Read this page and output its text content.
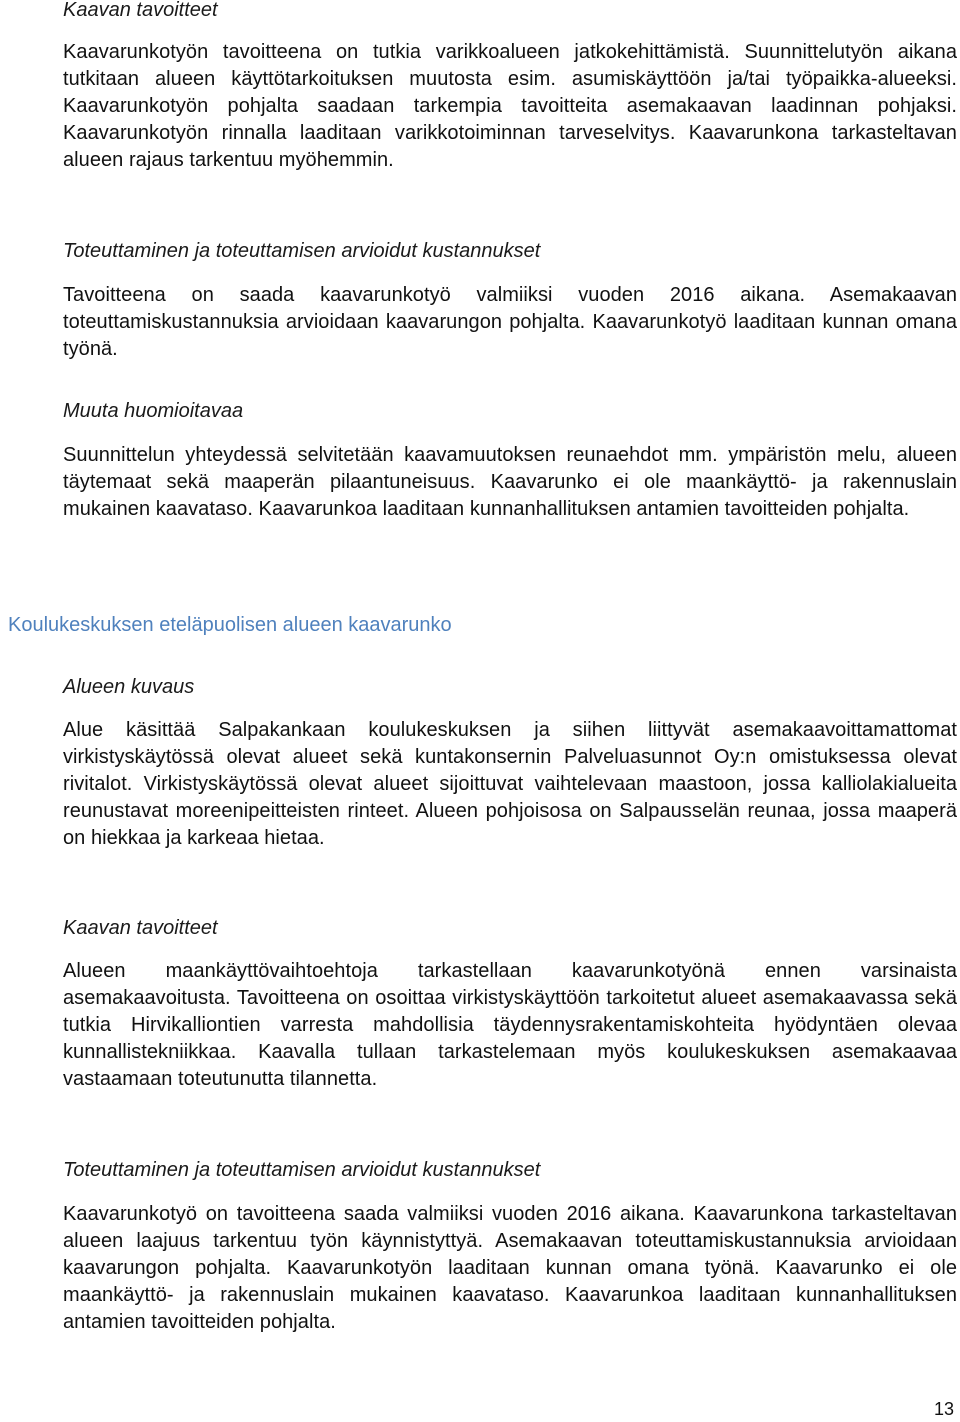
Kaavan tavoitteet

Kaavarunkotyön tavoitteena on tutkia varikkoalueen jatkokehittämistä. Suunnittelutyön aikana tutkitaan alueen käyttötarkoituksen muutosta esim. asumiskäyttöön ja/tai työpaikka-alueeksi. Kaavarunkotyön pohjalta saadaan tarkempia tavoitteita asemakaavan laadinnan pohjaksi. Kaavarunkotyön rinnalla laaditaan varikkotoiminnan tarveselvitys. Kaavarunkona tarkasteltavan alueen rajaus tarkentuu myöhemmin.

Toteuttaminen ja toteuttamisen arvioidut kustannukset

Tavoitteena on saada kaavarunkotyö valmiiksi vuoden 2016 aikana. Asemakaavan toteuttamiskustannuksia arvioidaan kaavarungon pohjalta. Kaavarunkotyö laaditaan kunnan omana työnä.

Muuta huomioitavaa

Suunnittelun yhteydessä selvitetään kaavamuutoksen reunaehdot mm. ympäristön melu, alueen täytemaat sekä maaperän pilaantuneisuus. Kaavarunko ei ole maankäyttö- ja rakennuslain mukainen kaavataso. Kaavarunkoa laaditaan kunnanhallituksen antamien tavoitteiden pohjalta.

Koulukeskuksen eteläpuolisen alueen kaavarunko

Alueen kuvaus

Alue käsittää Salpakankaan koulukeskuksen ja siihen liittyvät asemakaavoittamattomat virkistyskäytössä olevat alueet sekä kuntakonsernin Palveluasunnot Oy:n omistuksessa olevat rivitalot. Virkistyskäytössä olevat alueet sijoittuvat vaihtelevaan maastoon, jossa kalliolakialueita reunustavat moreenipeitteisten rinteet. Alueen pohjoisosa on Salpausselän reunaa, jossa maaperä on hiekkaa ja karkeaa hietaa.

Kaavan tavoitteet

Alueen maankäyttövaihtoehtoja tarkastellaan kaavarunkotyönä ennen varsinaista asemakaavoitusta. Tavoitteena on osoittaa virkistyskäyttöön tarkoitetut alueet asemakaavassa sekä tutkia Hirvikalliontien varresta mahdollisia täydennysrakentamiskohteita hyödyntäen olevaa kunnallistekniikkaa. Kaavalla tullaan tarkastelemaan myös koulukeskuksen asemakaavaa vastaamaan toteutunutta tilannetta.

Toteuttaminen ja toteuttamisen arvioidut kustannukset

Kaavarunkotyö on tavoitteena saada valmiiksi vuoden 2016 aikana. Kaavarunkona tarkasteltavan alueen laajuus tarkentuu työn käynnistyttyä. Asemakaavan toteuttamiskustannuksia arvioidaan kaavarungon pohjalta. Kaavarunkotyön laaditaan kunnan omana työnä. Kaavarunko ei ole maankäyttö- ja rakennuslain mukainen kaavataso. Kaavarunkoa laaditaan kunnanhallituksen antamien tavoitteiden pohjalta.

13
